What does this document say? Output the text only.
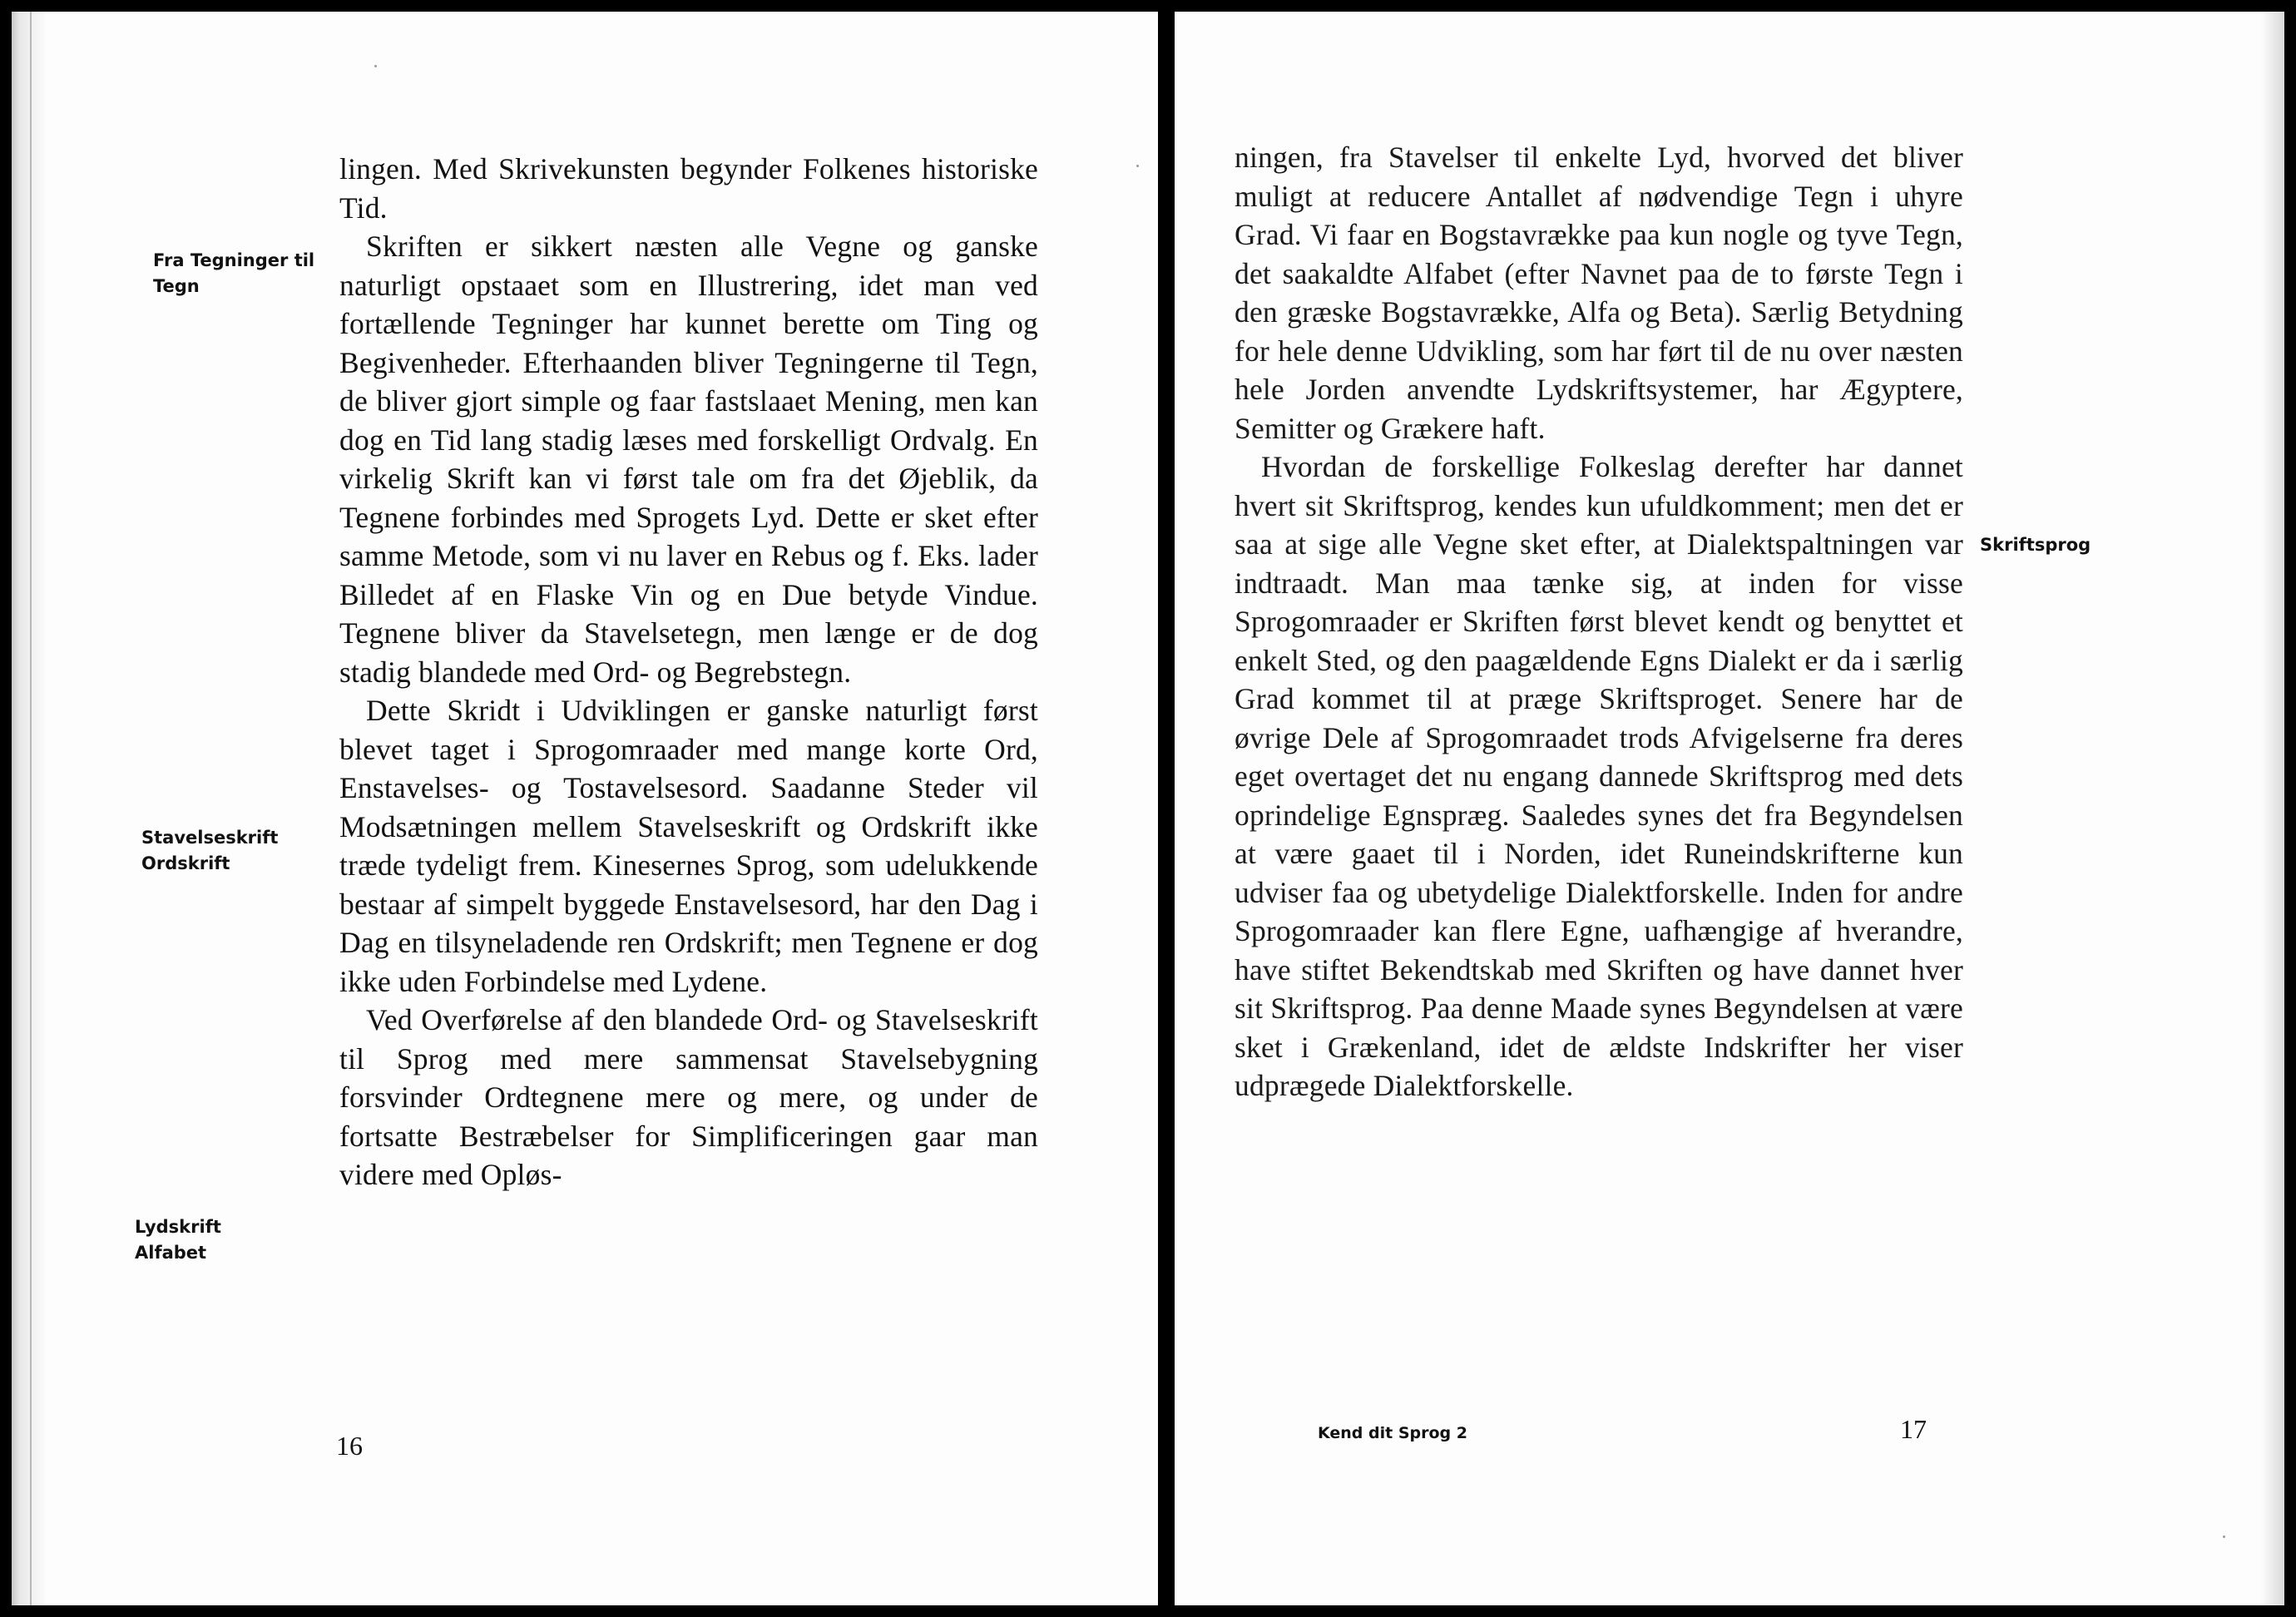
Fra Tegninger til Tegn
Stavelseskrift Ordskrift
Lydskrift Alfabet

lingen. Med Skrivekunsten begynder Folkenes historiske Tid.

Skriften er sikkert næsten alle Vegne og ganske naturligt opstaaet som en Illustrering, idet man ved fortællende Tegninger har kunnet berette om Ting og Begivenheder. Efterhaanden bliver Tegningerne til Tegn, de bliver gjort simple og faar fastslaaet Mening, men kan dog en Tid lang stadig læses med forskelligt Ordvalg. En virkelig Skrift kan vi først tale om fra det Øjeblik, da Tegnene forbindes med Sprogets Lyd. Dette er sket efter samme Metode, som vi nu laver en Rebus og f. Eks. lader Billedet af en Flaske Vin og en Due betyde Vindue. Tegnene bliver da Stavelsetegn, men længe er de dog stadig blandede med Ord- og Begrebstegn.

Dette Skridt i Udviklingen er ganske naturligt først blevet taget i Sprogomraader med mange korte Ord, Enstavelses- og Tostavelsesord. Saadanne Steder vil Modsætningen mellem Stavelseskrift og Ordskrift ikke træde tydeligt frem. Kinesernes Sprog, som udelukkende bestaar af simpelt byggede Enstavelsesord, har den Dag i Dag en tilsyneladende ren Ordskrift; men Tegnene er dog ikke uden Forbindelse med Lydene.

Ved Overførelse af den blandede Ord- og Stavelseskrift til Sprog med mere sammensat Stavelsebygning forsvinder Ordtegnene mere og mere, og under de fortsatte Bestræbelser for Simplificeringen gaar man videre med Opløs-

16

ningen, fra Stavelser til enkelte Lyd, hvorved det bliver muligt at reducere Antallet af nødvendige Tegn i uhyre Grad. Vi faar en Bogstavrække paa kun nogle og tyve Tegn, det saakaldte Alfabet (efter Navnet paa de to første Tegn i den græske Bogstavrække, Alfa og Beta). Særlig Betydning for hele denne Udvikling, som har ført til de nu over næsten hele Jorden anvendte Lydskriftsystemer, har Ægyptere, Semitter og Grækere haft.

Hvordan de forskellige Folkeslag derefter har dannet hvert sit Skriftsprog, kendes kun ufuldkomment; men det er saa at sige alle Vegne sket efter, at Dialektspaltningen var indtraadt. Man maa tænke sig, at inden for visse Sprogomraader er Skriften først blevet kendt og benyttet et enkelt Sted, og den paagældende Egns Dialekt er da i særlig Grad kommet til at præge Skriftsproget. Senere har de øvrige Dele af Sprogomraadet trods Afvigelserne fra deres eget overtaget det nu engang dannede Skriftsprog med dets oprindelige Egnspræg. Saaledes synes det fra Begyndelsen at være gaaet til i Norden, idet Runeindskrifterne kun udviser faa og ubetydelige Dialektforskelle. Inden for andre Sprogomraader kan flere Egne, uafhængige af hverandre, have stiftet Bekendtskab med Skriften og have dannet hver sit Skriftsprog. Paa denne Maade synes Begyndelsen at være sket i Grækenland, idet de ældste Indskrifter her viser udprægede Dialektforskelle.

Skriftsprog
Kend dit Sprog 2	17
